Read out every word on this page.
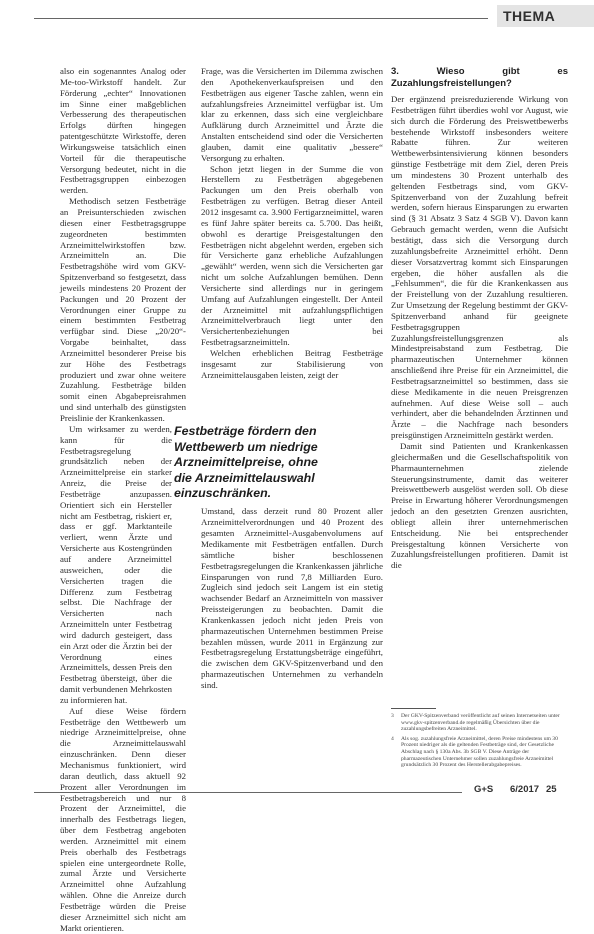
THEMA

also ein sogenanntes Analog oder Me-too-Wirkstoff handelt. Zur Förderung „echter“ Innovationen im Sinne einer maßgeblichen Verbesserung des therapeutischen Erfolgs dürften hingegen patentgeschützte Wirkstoffe, deren Wirkungsweise tatsächlich einen Vorteil für die therapeutische Versorgung bedeutet, nicht in die Festbetragsgruppen einbezogen werden.

Methodisch setzen Festbeträge an Preisunterschieden zwischen diesen einer Festbetragsgruppe zugeordneten bestimmten Arzneimittelwirkstoffen bzw. Arzneimitteln an. Die Festbetragshöhe wird vom GKV-Spitzenverband so festgesetzt, dass jeweils mindestens 20 Prozent der Packungen und 20 Prozent der Verordnungen einer Gruppe zu einem bestimmten Festbetrag verfügbar sind. Diese „20/20“-Vorgabe beinhaltet, dass Arzneimittel besonderer Preise bis zur Höhe des Festbetrags produziert und zwar ohne weitere Zuzahlung. Festbeträge bilden somit einen Abgabepreisrahmen und sind unterhalb des günstigsten Preislinie der Krankenkassen.

Um wirksamer zu werden, kann für die Festbetragsregelung grundsätzlich neben der Arzneimittelpreise ein starker Anreiz, die Preise der Festbeträge anzupassen. Orientiert sich ein Hersteller nicht am Festbetrag, riskiert er, dass er ggf. Marktanteile verliert, wenn Ärzte und Versicherte aus Kostengründen auf andere Arzneimittel ausweichen, oder die Versicherten tragen die Differenz zum Festbetrag selbst. Die Nachfrage der Versicherten nach Arzneimitteln unter Festbetrag wird dadurch gesteigert, dass ein Arzt oder die Ärztin bei der Verordnung eines Arzneimittels, dessen Preis den Festbetrag übersteigt, über die damit verbundenen Mehrkosten zu informieren hat.

Auf diese Weise fördern Festbeträge den Wettbewerb um niedrige Arzneimittelpreise, ohne die Arzneimittelauswahl einzuschränken. Denn dieser Mechanismus funktioniert, wird daran deutlich, dass aktuell 92 Prozent aller Verordnungen im Festbetragsbereich und nur 8 Prozent der Arzneimittel, die innerhalb des Festbetrags liegen, über dem Festbetrag angeboten werden. Arzneimittel mit einem Preis oberhalb des Festbetrags spielen eine untergeordnete Rolle, zumal Ärzte und Versicherte Arzneimittel ohne Aufzahlung wählen. Ohne die Anreize durch Festbeträge würden die Preise dieser Arzneimittel sich nicht am Markt orientieren.

Frage, was die Versicherten im Dilemma zwischen den Apothekenverkaufspreisen und den Festbeträgen aus eigener Tasche zahlen, wenn ein aufzahlungsfreies Arzneimittel verfügbar ist. Um klar zu erkennen, dass sich eine vergleichbare Aufklärung durch Arzneimittel und Ärzte die Anstalten entscheidend sind oder die Versicherten glauben, damit eine qualitativ „bessere“ Versorgung zu erhalten.

Schon jetzt liegen in der Summe die von Herstellern zu Festbeträgen abgegebenen Packungen um den Preis oberhalb von Festbeträgen zu verfügen. Betrag dieser Anteil 2012 insgesamt ca. 3.900 Fertigarzneimittel, waren es fünf Jahre später bereits ca. 5.700. Das heißt, obwohl es derartige Preisgestaltungen den Festbeträgen nicht abgelehnt werden, ergeben sich für Versicherte ganz erhebliche Aufzahlungen „gewählt“ werden, wenn sich die Versicherten gar nicht um solche Aufzahlungen bemühen. Denn Versicherte sind allerdings nur in geringem Umfang auf Aufzahlungen eingestellt. Der Anteil der Arzneimittel mit aufzahlungspflichtigen Arzneimittelverbrauch liegt unter den Versichertenbeziehungen bei Festbetragsarzneimitteln.

Welchen erheblichen Beitrag Festbeträge insgesamt zur Stabilisierung von Arzneimittelausgaben leisten, zeigt der

Umstand, dass derzeit rund 80 Prozent aller Arzneimittelverordnungen und 40 Prozent des gesamten Arzneimittel-Ausgabenvolumens auf Medikamente mit Festbeträgen entfallen. Durch sämtliche bisher beschlossenen Festbetragsregelungen die Krankenkassen jährliche Einsparungen von rund 7,8 Milliarden Euro. Zugleich sind jedoch seit Langem ist ein stetig wachsender Bedarf an Arzneimitteln von massiver Preissteigerungen zu beobachten. Damit die Krankenkassen jedoch nicht jeden Preis von pharmazeutischen Unternehmen bestimmen Preise bezahlen müssen, wurde 2011 in Ergänzung zur Festbetragsregelung Erstattungsbeträge eingeführt, die zwischen dem GKV-Spitzenverband und den pharmazeutischen Unternehmen zu verhandeln sind.

Festbeträge fördern den Wettbewerb um niedrige Arzneimittelpreise, ohne die Arzneimittelauswahl einzuschränken.
3. Wieso gibt es Zuzahlungsfreistellungen?

Der ergänzend preisreduzierende Wirkung von Festbeträgen führt überdies wohl vor August, wie sich durch die Förderung des Preiswettbewerbs bestehende Wirkstoff insbesonders weitere Rabatte führen. Zur weiteren Wettbewerbsintensivierung können besonders günstige Festbeträge mit dem Ziel, deren Preis um mindestens 30 Prozent unterhalb des geltenden Festbetrags sind, vom GKV-Spitzenverband von der Zuzahlung befreit werden, sofern hieraus Einsparungen zu erwarten sind (§ 31 Absatz 3 Satz 4 SGB V). Davon kann Gebrauch gemacht werden, wenn die Aufsicht bestätigt, dass sich die Versorgung durch zuzahlungsbefreite Arzneimittel erhöht. Denn dieser Vorsatzvertrag kommt sich Einsparungen ergeben, die höher ausfallen als die „Fehlsummen“, die für die Krankenkassen aus der Freistellung von der Zuzahlung resultieren. Zur Umsetzung der Regelung bestimmt der GKV-Spitzenverband anhand für geeignete Festbetragsgruppen Zuzahlungsfreistellungsgrenzen als Mindestpreisabstand zum Festbetrag. Die pharmazeutischen Unternehmer können anschließend ihre Preise für ein Arzneimittel, die Festbetragsarzneimittel so bestimmen, dass sie diese Medikamente in die neuen Preisgrenzen aufnehmen. Auf diese Weise soll – auch verhindert, aber die behandelnden Ärztinnen und Ärzte – die Nachfrage nach besonders preisgünstigen Arzneimitteln gestärkt werden.

Damit sind Patienten und Krankenkassen gleichermaßen und die Gesellschaftspolitik von Pharmaunternehmen zielende Steuerungsinstrumente, damit das weiterer Preiswettbewerb ausgelöst werden soll. Ob diese Preise in Erwartung höherer Verordnungsmengen jedoch an den gesetzten Grenzen ausrichten, obliegt allein ihrer unternehmerischen Entscheidung. Nie bei entsprechender Preisgestaltung können Versicherte von Zuzahlungsfreistellungen profitieren. Damit ist die

3	Der GKV-Spitzenverband veröffentlicht auf seinen Internetseiten unter www.gkv-spitzenverband.de regelmäßig Übersichten über die zuzahlungsbefreiten Arzneimittel.
4	Als sog. zuzahlungsfreie Arzneimittel, deren Preise mindestens um 30 Prozent niedriger als die geltenden Festbeträge sind, der Gesetzliche Abschlag nach § 130a Abs. 3b SGB V. Diese Anträge der pharmazeutischen Unternehmer sollen zuzahlungsfreie Arzneimittel grundsätzlich 30 Prozent des Herstellerabgabepreises.
G+S 6/2017 25
